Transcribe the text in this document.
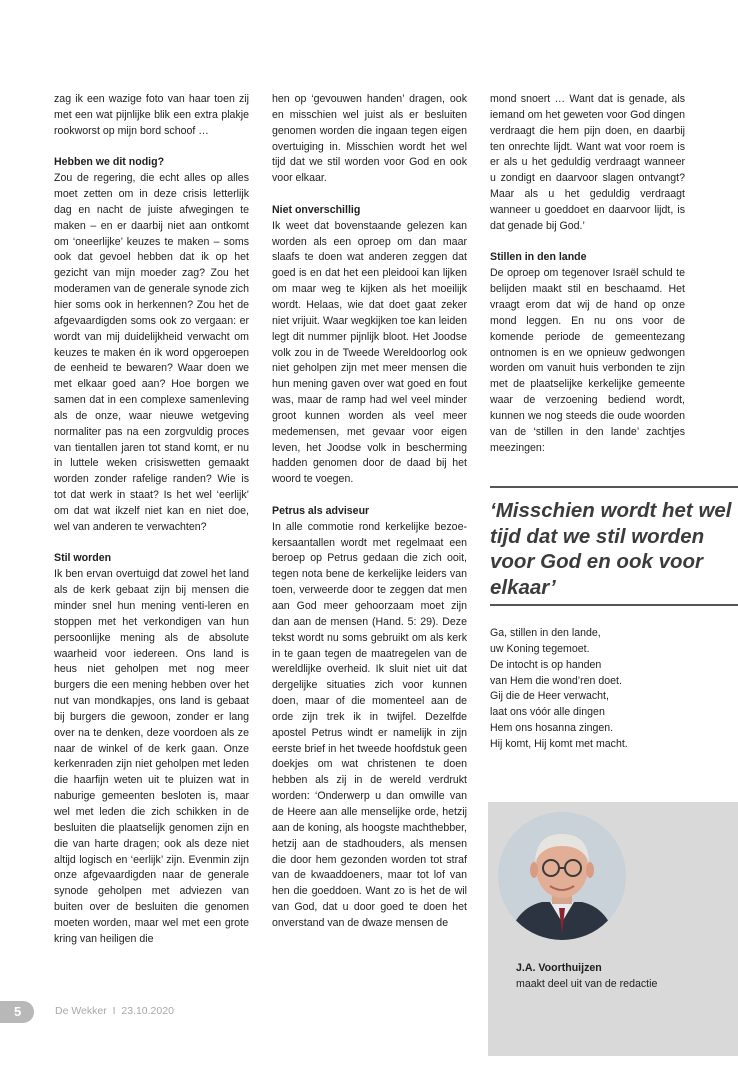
zag ik een wazige foto van haar toen zij met een wat pijnlijke blik een extra plakje rookworst op mijn bord schoof …

Hebben we dit nodig?

Zou de regering, die echt alles op alles moet zetten om in deze crisis letterlijk dag en nacht de juiste afwegingen te maken – en er daarbij niet aan ontkomt om ‘oneerlijke’ keuzes te maken – soms ook dat gevoel hebben dat ik op het gezicht van mijn moeder zag? Zou het moderamen van de generale synode zich hier soms ook in herkennen? Zou het de afgevaardigden soms ook zo vergaan: er wordt van mij duidelijkheid verwacht om keuzes te maken én ik word opgeroepen de eenheid te bewaren? Waar doen we met elkaar goed aan? Hoe borgen we samen dat in een complexe samenleving als de onze, waar nieuwe wetgeving normaliter pas na een zorgvuldig proces van tientallen jaren tot stand komt, er nu in luttele weken crisiswetten gemaakt worden zonder rafelige randen? Wie is tot dat werk in staat? Is het wel ‘eerlijk’ om dat wat ikzelf niet kan en niet doe, wel van anderen te verwachten?

Stil worden

Ik ben ervan overtuigd dat zowel het land als de kerk gebaat zijn bij mensen die minder snel hun mening venti-leren en stoppen met het verkondigen van hun persoonlijke mening als de absolute waarheid voor iedereen. Ons land is heus niet geholpen met nog meer burgers die een mening hebben over het nut van mondkapjes, ons land is gebaat bij burgers die gewoon, zonder er lang over na te denken, deze voordoen als ze naar de winkel of de kerk gaan. Onze kerkenraden zijn niet geholpen met leden die haarfijn weten uit te pluizen wat in naburige gemeenten besloten is, maar wel met leden die zich schikken in de besluiten die plaatselijk genomen zijn en die van harte dragen; ook als deze niet altijd logisch en ‘eerlijk’ zijn. Evenmin zijn onze afgevaardigden naar de generale synode geholpen met adviezen van buiten over de besluiten die genomen moeten worden, maar wel met een grote kring van heiligen die

hen op ‘gevouwen handen’ dragen, ook en misschien wel juist als er besluiten genomen worden die ingaan tegen eigen overtuiging in. Misschien wordt het wel tijd dat we stil worden voor God en ook voor elkaar.

Niet onverschillig

Ik weet dat bovenstaande gelezen kan worden als een oproep om dan maar slaafs te doen wat anderen zeggen dat goed is en dat het een pleidooi kan lijken om maar weg te kijken als het moeilijk wordt. Helaas, wie dat doet gaat zeker niet vrijuit. Waar wegkijken toe kan leiden legt dit nummer pijnlijk bloot. Het Joodse volk zou in de Tweede Wereldoorlog ook niet geholpen zijn met meer mensen die hun mening gaven over wat goed en fout was, maar de ramp had wel veel minder groot kunnen worden als veel meer medemensen, met gevaar voor eigen leven, het Joodse volk in bescherming hadden genomen door de daad bij het woord te voegen.

Petrus als adviseur

In alle commotie rond kerkelijke bezoe-kersaantallen wordt met regelmaat een beroep op Petrus gedaan die zich ooit, tegen nota bene de kerkelijke leiders van toen, verweerde door te zeggen dat men aan God meer gehoorzaam moet zijn dan aan de mensen (Hand. 5: 29). Deze tekst wordt nu soms gebruikt om als kerk in te gaan tegen de maatregelen van de wereldlijke overheid. Ik sluit niet uit dat dergelijke situaties zich voor kunnen doen, maar of die momenteel aan de orde zijn trek ik in twijfel. Dezelfde apostel Petrus windt er namelijk in zijn eerste brief in het tweede hoofdstuk geen doekjes om wat christenen te doen hebben als zij in de wereld verdrukt worden: ‘Onderwerp u dan omwille van de Heere aan alle menselijke orde, hetzij aan de koning, als hoogste machthebber, hetzij aan de stadhouders, als mensen die door hem gezonden worden tot straf van de kwaaddoeners, maar tot lof van hen die goeddoen. Want zo is het de wil van God, dat u door goed te doen het onverstand van de dwaze mensen de

mond snoert … Want dat is genade, als iemand om het geweten voor God dingen verdraagt die hem pijn doen, en daarbij ten onrechte lijdt. Want wat voor roem is er als u het geduldig verdraagt wanneer u zondigt en daarvoor slagen ontvangt? Maar als u het geduldig verdraagt wanneer u goeddoet en daarvoor lijdt, is dat genade bij God.’

Stillen in den lande

De oproep om tegenover Israël schuld te belijden maakt stil en beschaamd. Het vraagt erom dat wij de hand op onze mond leggen. En nu ons voor de komende periode de gemeentezang ontnomen is en we opnieuw gedwongen worden om vanuit huis verbonden te zijn met de plaatselijke kerkelijke gemeente waar de verzoening bediend wordt, kunnen we nog steeds die oude woorden van de ‘stillen in den lande’ zachtjes meezingen:

‘Misschien wordt het wel tijd dat we stil worden voor God en ook voor elkaar’

Ga, stillen in den lande,
uw Koning tegemoet.
De intocht is op handen
van Hem die wond’ren doet.
Gij die de Heer verwacht,
laat ons vóór alle dingen
Hem ons hosanna zingen.
Hij komt, Hij komt met macht.
J.A. Voorthuijzen
maakt deel uit van de redactie
5	De Wekker I 23.10.2020
